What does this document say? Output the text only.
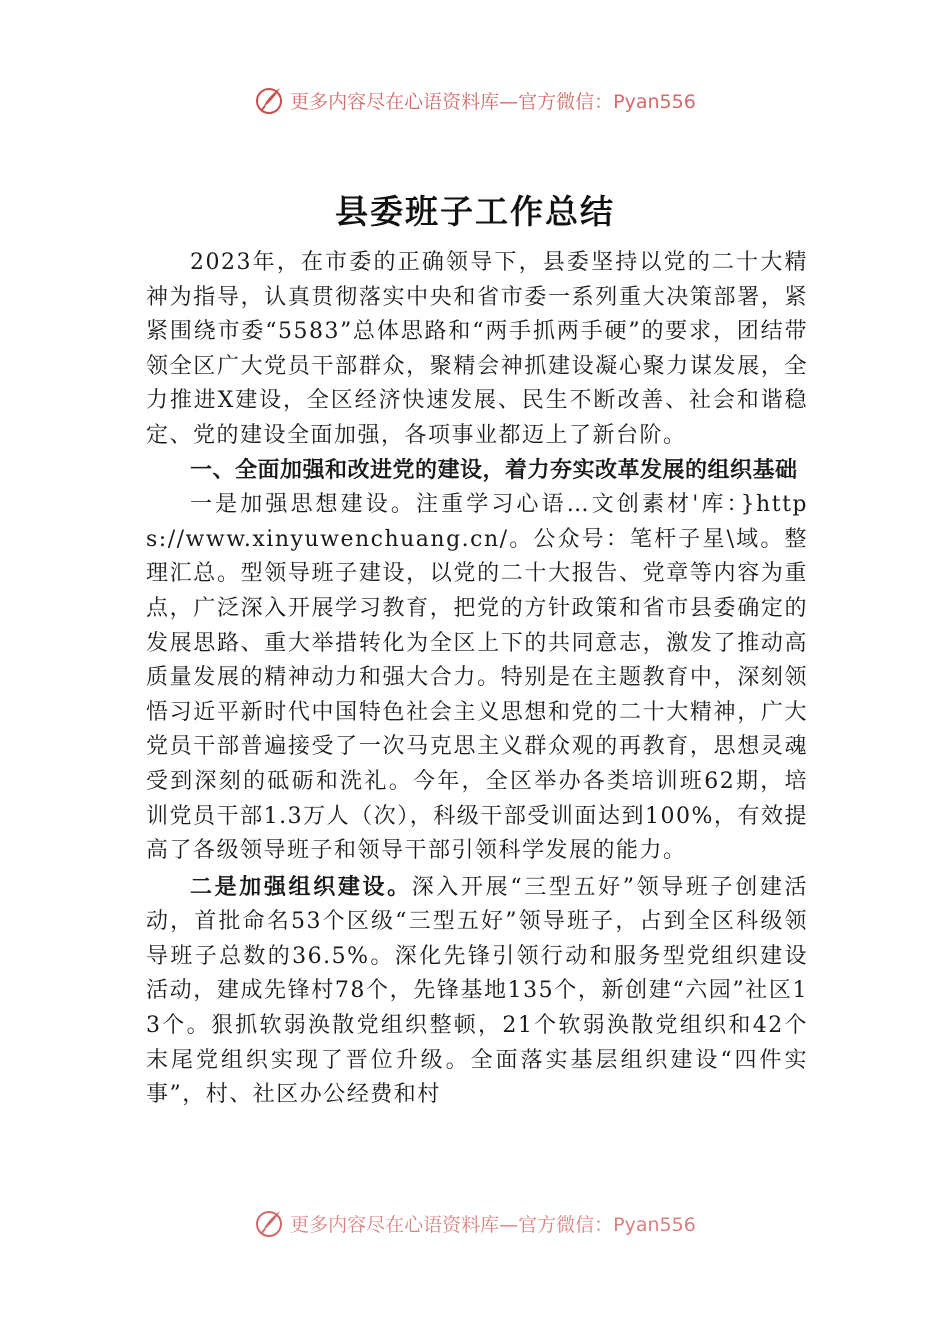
更多内容尽在心语资料库—官方微信：Pyan556
县委班子工作总结

2023年，在市委的正确领导下，县委坚持以党的二十大精神为指导，认真贯彻落实中央和省市委一系列重大决策部署，紧紧围绕市委“5583”总体思路和“两手抓两手硬”的要求，团结带领全区广大党员干部群众，聚精会神抓建设凝心聚力谋发展，全力推进X建设，全区经济快速发展、民生不断改善、社会和谐稳定、党的建设全面加强，各项事业都迈上了新台阶。

一、全面加强和改进党的建设，着力夯实改革发展的组织基础

一是加强思想建设。注重学习心语…文创素材'库：}https://www.xinyuwenchuang.cn/。公众号：笔杆子星\域。整理汇总。型领导班子建设，以党的二十大报告、党章等内容为重点，广泛深入开展学习教育，把党的方针政策和省市县委确定的发展思路、重大举措转化为全区上下的共同意志，激发了推动高质量发展的精神动力和强大合力。特别是在主题教育中，深刻领悟习近平新时代中国特色社会主义思想和党的二十大精神，广大党员干部普遍接受了一次马克思主义群众观的再教育，思想灵魂受到深刻的砥砺和洗礼。今年，全区举办各类培训班62期，培训党员干部1.3万人（次），科级干部受训面达到100%，有效提高了各级领导班子和领导干部引领科学发展的能力。

二是加强组织建设。深入开展“三型五好”领导班子创建活动，首批命名53个区级“三型五好”领导班子，占到全区科级领导班子总数的36.5%。深化先锋引领行动和服务型党组织建设活动，建成先锋村78个，先锋基地135个，新创建“六园”社区13个。狠抓软弱涣散党组织整顿，21个软弱涣散党组织和42个末尾党组织实现了晋位升级。全面落实基层组织建设“四件实事”，村、社区办公经费和村

更多内容尽在心语资料库—官方微信：Pyan556
